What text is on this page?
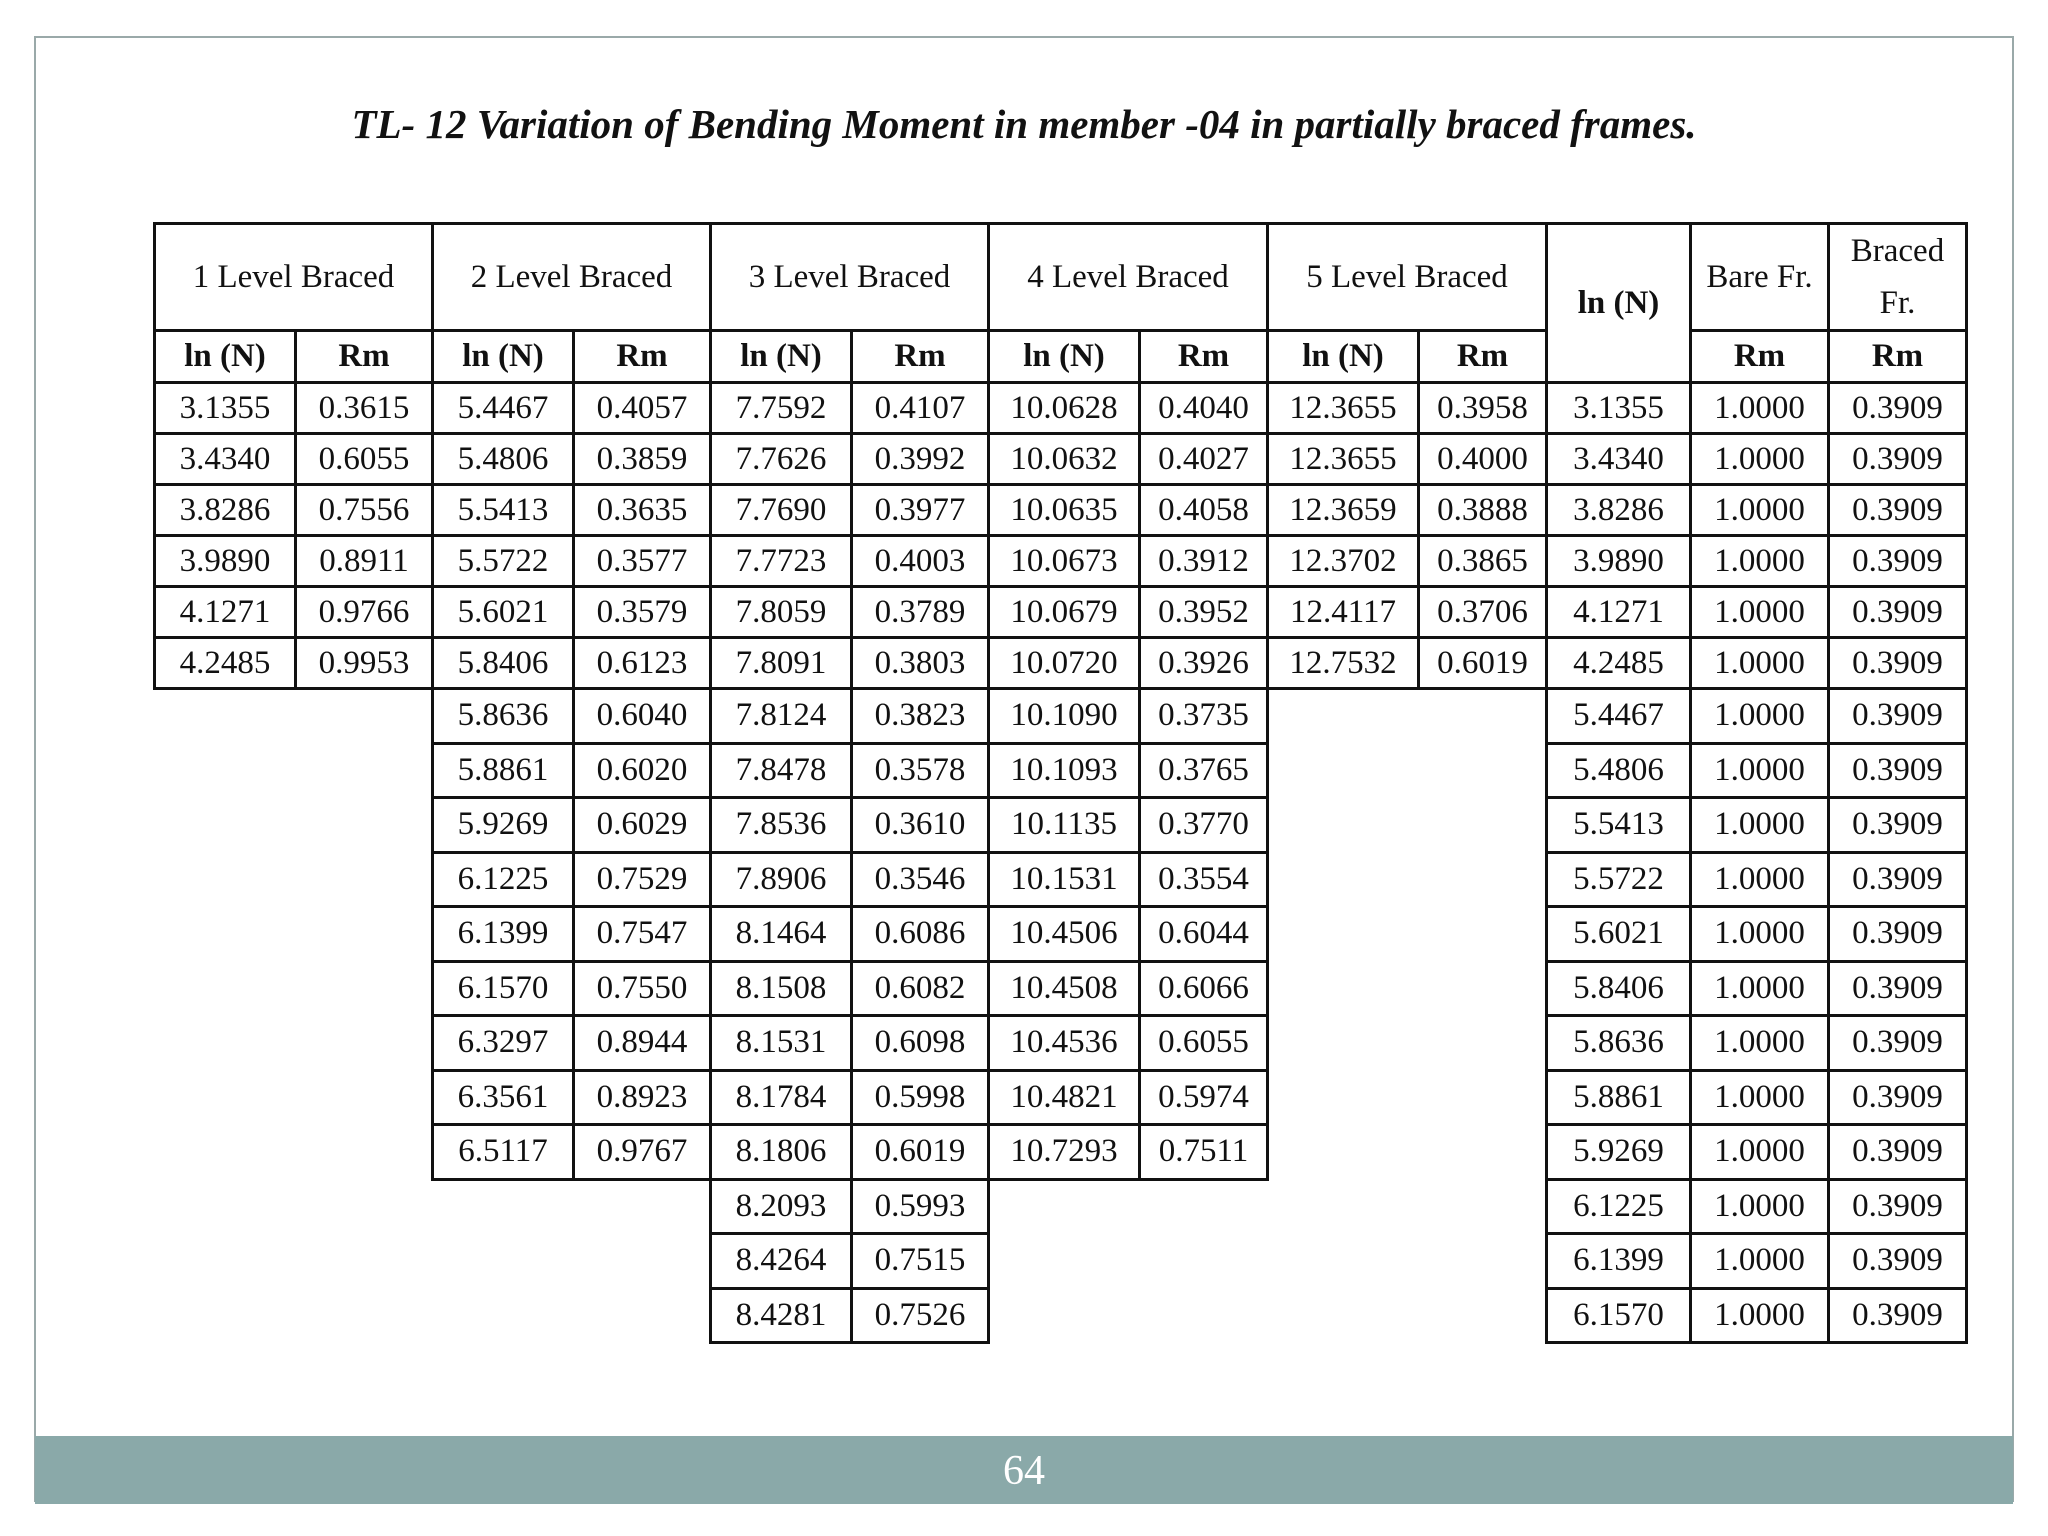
TL- 12 Variation of Bending Moment in member -04 in partially braced frames.
1 Level Braced		2 Level Braced		3 Level Braced		4 Level Braced		5 Level Braced		ln (N)	Bare Fr.	Braced Fr.
ln (N)	Rm	ln (N)	Rm	ln (N)	Rm	ln (N)	Rm	ln (N)	Rm		Rm	Rm
3.1355	0.3615	5.4467	0.4057	7.7592	0.4107	10.0628	0.4040	12.3655	0.3958	3.1355	1.0000	0.3909
3.4340	0.6055	5.4806	0.3859	7.7626	0.3992	10.0632	0.4027	12.3655	0.4000	3.4340	1.0000	0.3909
3.8286	0.7556	5.5413	0.3635	7.7690	0.3977	10.0635	0.4058	12.3659	0.3888	3.8286	1.0000	0.3909
3.9890	0.8911	5.5722	0.3577	7.7723	0.4003	10.0673	0.3912	12.3702	0.3865	3.9890	1.0000	0.3909
4.1271	0.9766	5.6021	0.3579	7.8059	0.3789	10.0679	0.3952	12.4117	0.3706	4.1271	1.0000	0.3909
4.2485	0.9953	5.8406	0.6123	7.8091	0.3803	10.0720	0.3926	12.7532	0.6019	4.2485	1.0000	0.3909
		5.8636	0.6040	7.8124	0.3823	10.1090	0.3735			5.4467	1.0000	0.3909
		5.8861	0.6020	7.8478	0.3578	10.1093	0.3765			5.4806	1.0000	0.3909
		5.9269	0.6029	7.8536	0.3610	10.1135	0.3770			5.5413	1.0000	0.3909
		6.1225	0.7529	7.8906	0.3546	10.1531	0.3554			5.5722	1.0000	0.3909
		6.1399	0.7547	8.1464	0.6086	10.4506	0.6044			5.6021	1.0000	0.3909
		6.1570	0.7550	8.1508	0.6082	10.4508	0.6066			5.8406	1.0000	0.3909
		6.3297	0.8944	8.1531	0.6098	10.4536	0.6055			5.8636	1.0000	0.3909
		6.3561	0.8923	8.1784	0.5998	10.4821	0.5974			5.8861	1.0000	0.3909
		6.5117	0.9767	8.1806	0.6019	10.7293	0.7511			5.9269	1.0000	0.3909
				8.2093	0.5993					6.1225	1.0000	0.3909
				8.4264	0.7515					6.1399	1.0000	0.3909
				8.4281	0.7526					6.1570	1.0000	0.3909
64
